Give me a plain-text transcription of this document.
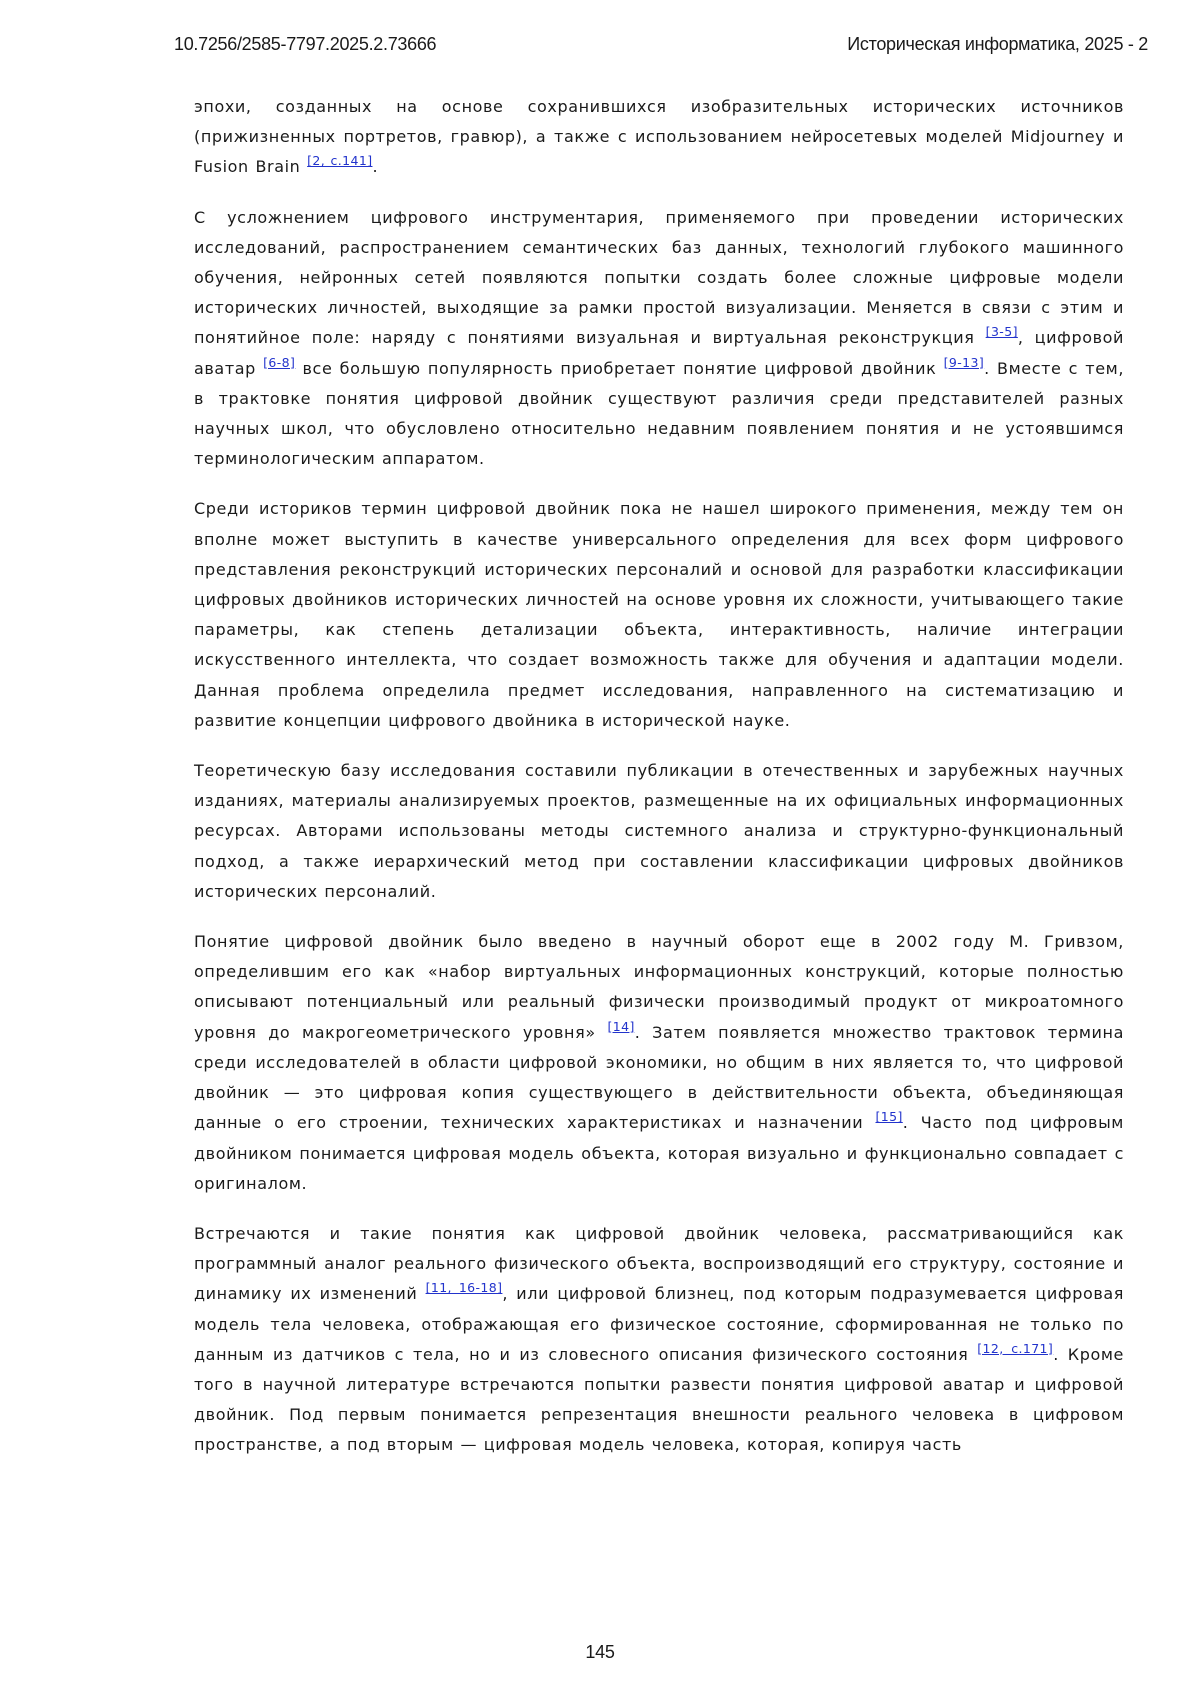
10.7256/2585-7797.2025.2.73666	Историческая информатика, 2025 - 2

эпохи, созданных на основе сохранившихся изобразительных исторических источников (прижизненных портретов, гравюр), а также с использованием нейросетевых моделей Midjourney и Fusion Brain [2, с.141].

С усложнением цифрового инструментария, применяемого при проведении исторических исследований, распространением семантических баз данных, технологий глубокого машинного обучения, нейронных сетей появляются попытки создать более сложные цифровые модели исторических личностей, выходящие за рамки простой визуализации. Меняется в связи с этим и понятийное поле: наряду с понятиями визуальная и виртуальная реконструкция [3-5], цифровой аватар [6-8] все большую популярность приобретает понятие цифровой двойник [9-13]. Вместе с тем, в трактовке понятия цифровой двойник существуют различия среди представителей разных научных школ, что обусловлено относительно недавним появлением понятия и не устоявшимся терминологическим аппаратом.

Среди историков термин цифровой двойник пока не нашел широкого применения, между тем он вполне может выступить в качестве универсального определения для всех форм цифрового представления реконструкций исторических персоналий и основой для разработки классификации цифровых двойников исторических личностей на основе уровня их сложности, учитывающего такие параметры, как степень детализации объекта, интерактивность, наличие интеграции искусственного интеллекта, что создает возможность также для обучения и адаптации модели. Данная проблема определила предмет исследования, направленного на систематизацию и развитие концепции цифрового двойника в исторической науке.

Теоретическую базу исследования составили публикации в отечественных и зарубежных научных изданиях, материалы анализируемых проектов, размещенные на их официальных информационных ресурсах. Авторами использованы методы системного анализа и структурно-функциональный подход, а также иерархический метод при составлении классификации цифровых двойников исторических персоналий.

Понятие цифровой двойник было введено в научный оборот еще в 2002 году М. Гривзом, определившим его как «набор виртуальных информационных конструкций, которые полностью описывают потенциальный или реальный физически производимый продукт от микроатомного уровня до макрогеометрического уровня» [14]. Затем появляется множество трактовок термина среди исследователей в области цифровой экономики, но общим в них является то, что цифровой двойник — это цифровая копия существующего в действительности объекта, объединяющая данные о его строении, технических характеристиках и назначении [15]. Часто под цифровым двойником понимается цифровая модель объекта, которая визуально и функционально совпадает с оригиналом.

Встречаются и такие понятия как цифровой двойник человека, рассматривающийся как программный аналог реального физического объекта, воспроизводящий его структуру, состояние и динамику их изменений [11, 16-18], или цифровой близнец, под которым подразумевается цифровая модель тела человека, отображающая его физическое состояние, сформированная не только по данным из датчиков с тела, но и из словесного описания физического состояния [12, с.171]. Кроме того в научной литературе встречаются попытки развести понятия цифровой аватар и цифровой двойник. Под первым понимается репрезентация внешности реального человека в цифровом пространстве, а под вторым — цифровая модель человека, которая, копируя часть

145
